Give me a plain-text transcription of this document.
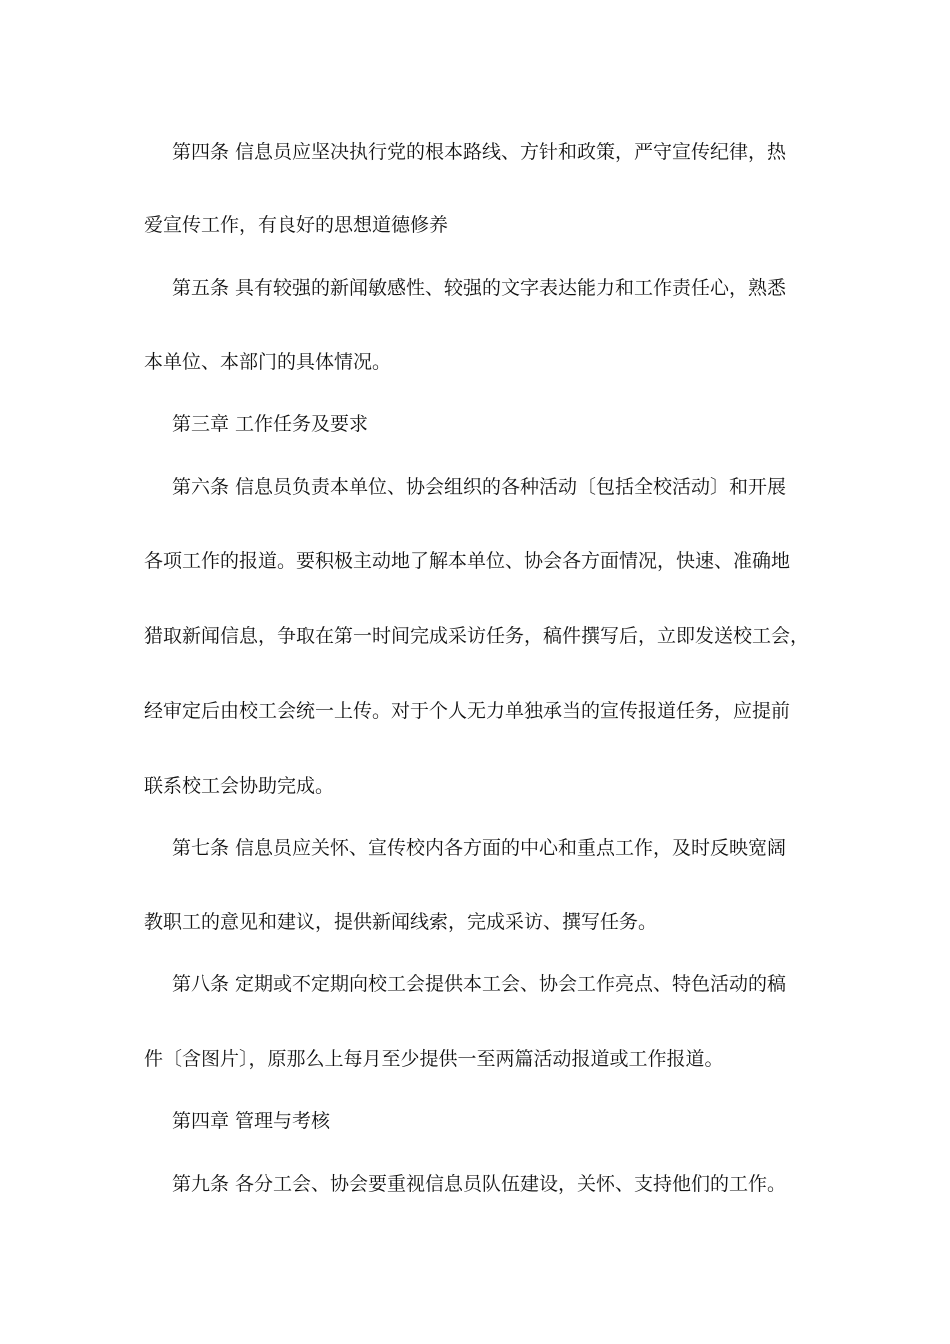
第四条 信息员应坚决执行党的根本路线、方针和政策，严守宣传纪律，热
爱宣传工作，有良好的思想道德修养
第五条 具有较强的新闻敏感性、较强的文字表达能力和工作责任心，熟悉
本单位、本部门的具体情况。
第三章 工作任务及要求
第六条 信息员负责本单位、协会组织的各种活动〔包括全校活动〕和开展
各项工作的报道。要积极主动地了解本单位、协会各方面情况，快速、准确地
猎取新闻信息，争取在第一时间完成采访任务，稿件撰写后，立即发送校工会，
经审定后由校工会统一上传。对于个人无力单独承当的宣传报道任务，应提前
联系校工会协助完成。
第七条 信息员应关怀、宣传校内各方面的中心和重点工作，及时反映宽阔
教职工的意见和建议，提供新闻线索，完成采访、撰写任务。
第八条 定期或不定期向校工会提供本工会、协会工作亮点、特色活动的稿
件〔含图片〕，原那么上每月至少提供一至两篇活动报道或工作报道。
第四章 管理与考核
第九条 各分工会、协会要重视信息员队伍建设，关怀、支持他们的工作。
